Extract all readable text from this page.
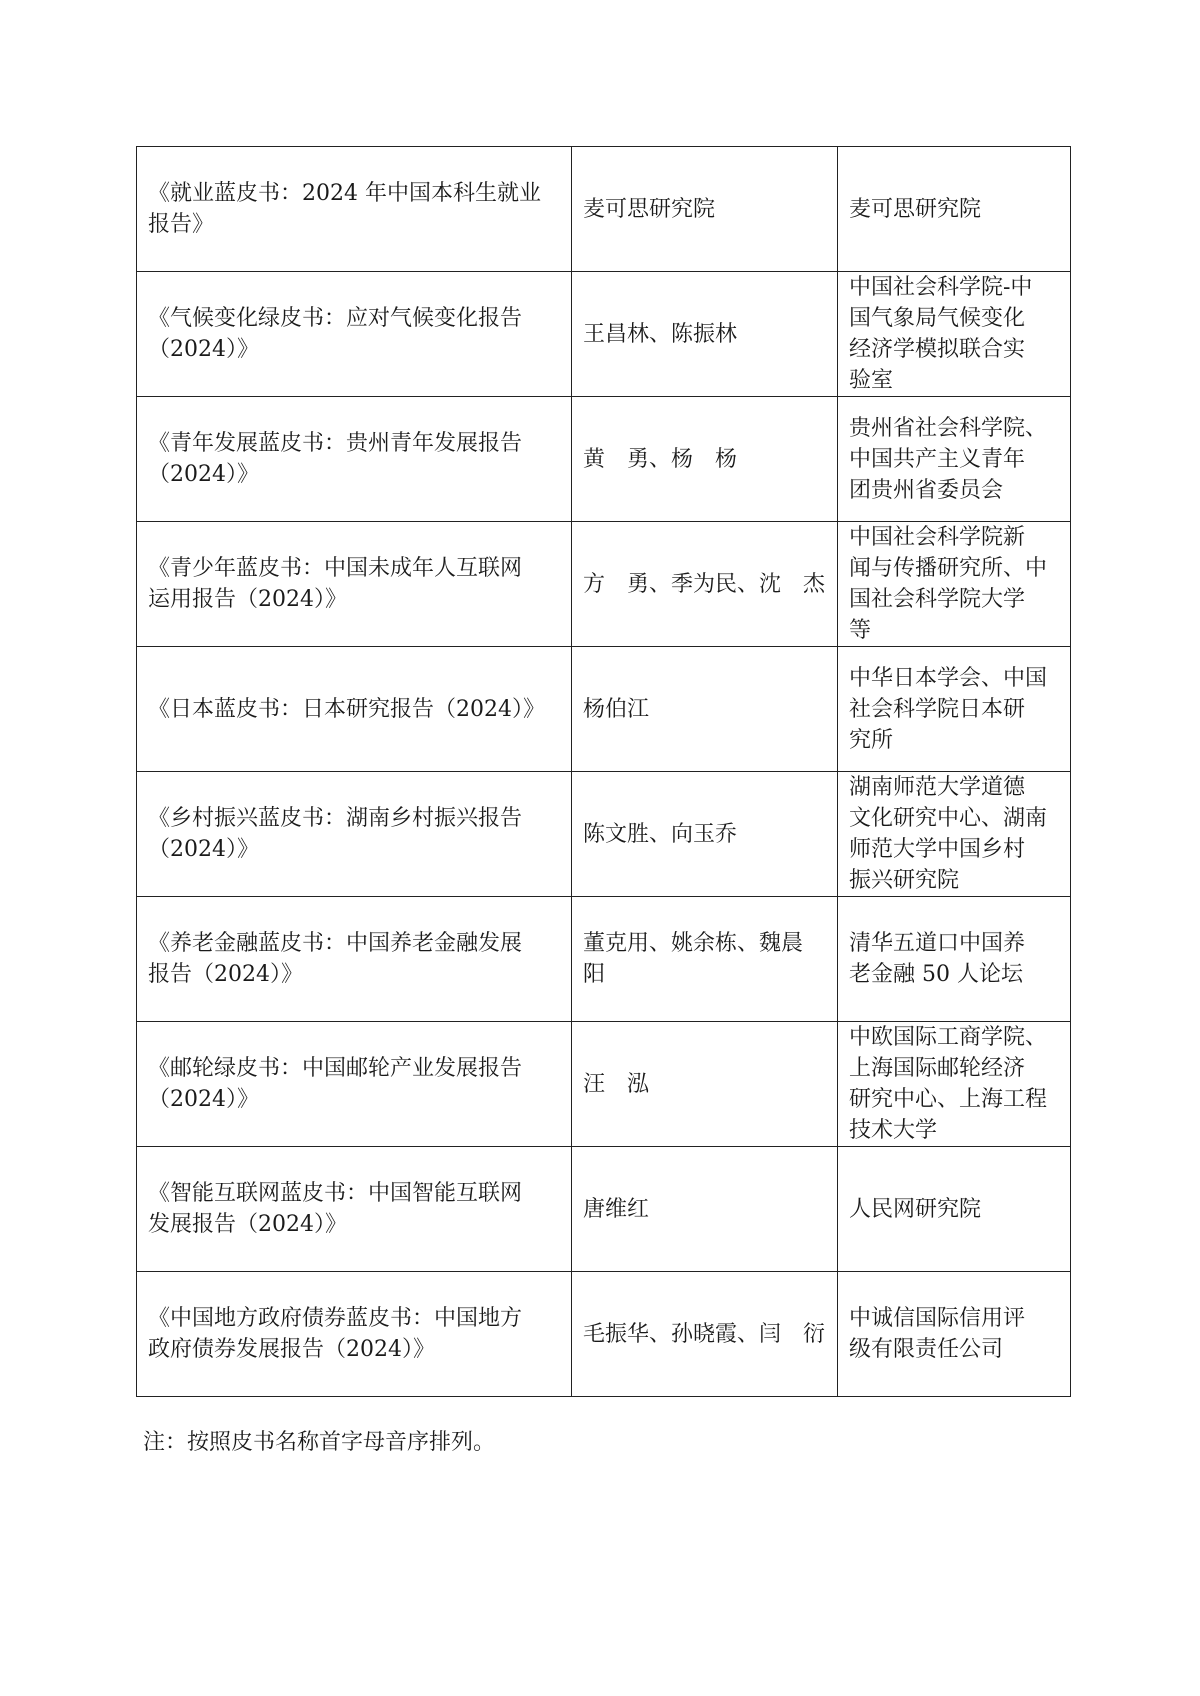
《就业蓝皮书：2024 年中国本科生就业
报告》	麦可思研究院	麦可思研究院

《气候变化绿皮书：应对气候变化报告
（2024）》	王昌林、陈振林	中国社会科学院-中
国气象局气候变化
经济学模拟联合实
验室

《青年发展蓝皮书：贵州青年发展报告
（2024）》	黄　勇、杨　杨	贵州省社会科学院、
中国共产主义青年
团贵州省委员会

《青少年蓝皮书：中国未成年人互联网
运用报告（2024）》	方　勇、季为民、沈　杰	中国社会科学院新
闻与传播研究所、中
国社会科学院大学
等

《日本蓝皮书：日本研究报告（2024）》	杨伯江	中华日本学会、中国
社会科学院日本研
究所

《乡村振兴蓝皮书：湖南乡村振兴报告
（2024）》	陈文胜、向玉乔	湖南师范大学道德
文化研究中心、湖南
师范大学中国乡村
振兴研究院

《养老金融蓝皮书：中国养老金融发展
报告（2024）》	董克用、姚余栋、魏晨
阳	清华五道口中国养
老金融 50 人论坛

《邮轮绿皮书：中国邮轮产业发展报告
（2024）》	汪　泓	中欧国际工商学院、
上海国际邮轮经济
研究中心、上海工程
技术大学

《智能互联网蓝皮书：中国智能互联网
发展报告（2024）》	唐维红	人民网研究院

《中国地方政府债券蓝皮书：中国地方
政府债券发展报告（2024）》	毛振华、孙晓霞、闫　衍	中诚信国际信用评
级有限责任公司

注：按照皮书名称首字母音序排列。
